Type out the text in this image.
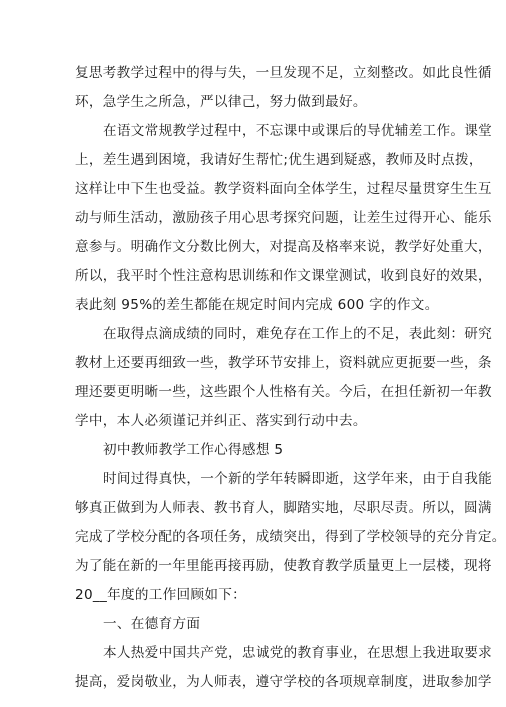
复思考教学过程中的得与失，一旦发现不足，立刻整改。如此良性循
环，急学生之所急，严以律己，努力做到最好。
在语文常规教学过程中，不忘课中或课后的导优辅差工作。课堂
上，差生遇到困境，我请好生帮忙;优生遇到疑惑，教师及时点拨，
这样让中下生也受益。教学资料面向全体学生，过程尽量贯穿生生互
动与师生活动，激励孩子用心思考探究问题，让差生过得开心、能乐
意参与。明确作文分数比例大，对提高及格率来说，教学好处重大，
所以，我平时个性注意构思训练和作文课堂测试，收到良好的效果，
表此刻 95%的差生都能在规定时间内完成 600 字的作文。
在取得点滴成绩的同时，难免存在工作上的不足，表此刻：研究
教材上还要再细致一些，教学环节安排上，资料就应更扼要一些，条
理还要更明晰一些，这些跟个人性格有关。今后，在担任新初一年教
学中，本人必须谨记并纠正、落实到行动中去。
初中教师教学工作心得感想 5
时间过得真快，一个新的学年转瞬即逝，这学年来，由于自我能
够真正做到为人师表、教书育人，脚踏实地，尽职尽责。所以，圆满
完成了学校分配的各项任务，成绩突出，得到了学校领导的充分肯定。
为了能在新的一年里能再接再励，使教育教学质量更上一层楼，现将
20__年度的工作回顾如下：
一、在德育方面
本人热爱中国共产党，忠诚党的教育事业，在思想上我进取要求
提高，爱岗敬业，为人师表，遵守学校的各项规章制度，进取参加学
